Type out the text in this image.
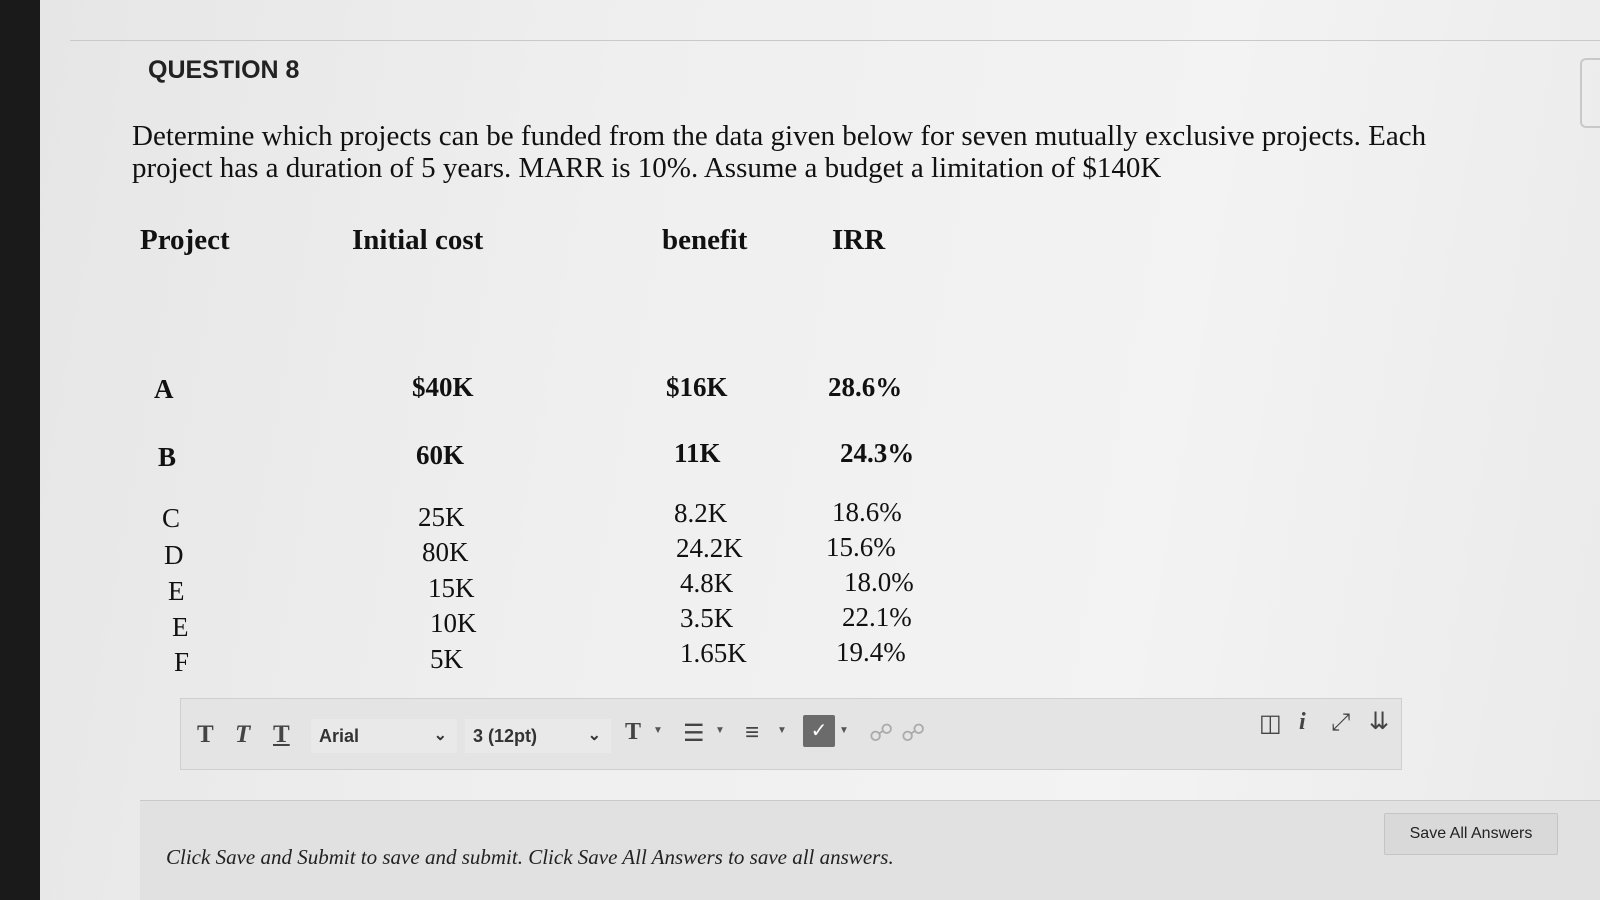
QUESTION 8
Determine which projects can be funded from the data given below for seven mutually exclusive projects. Each project has a duration of 5 years. MARR is 10%. Assume a budget a limitation of $140K
Project	Initial cost	benefit	IRR
A	$40K	$16K	28.6%
B	60K	11K	24.3%
C	25K	8.2K	18.6%
D	80K	24.2K	15.6%
E	15K	4.8K	18.0%
E	10K	3.5K	22.1%
F	5K	1.65K	19.4%
T T T	Arial	⌄	3 (12pt)	⌄ T ▼ ☰ ▼ ≡ ▼	✓	▼ ☍ ☍	◫ i ⤢ ⇊
Click Save and Submit to save and submit. Click Save All Answers to save all answers.
Save All Answers
